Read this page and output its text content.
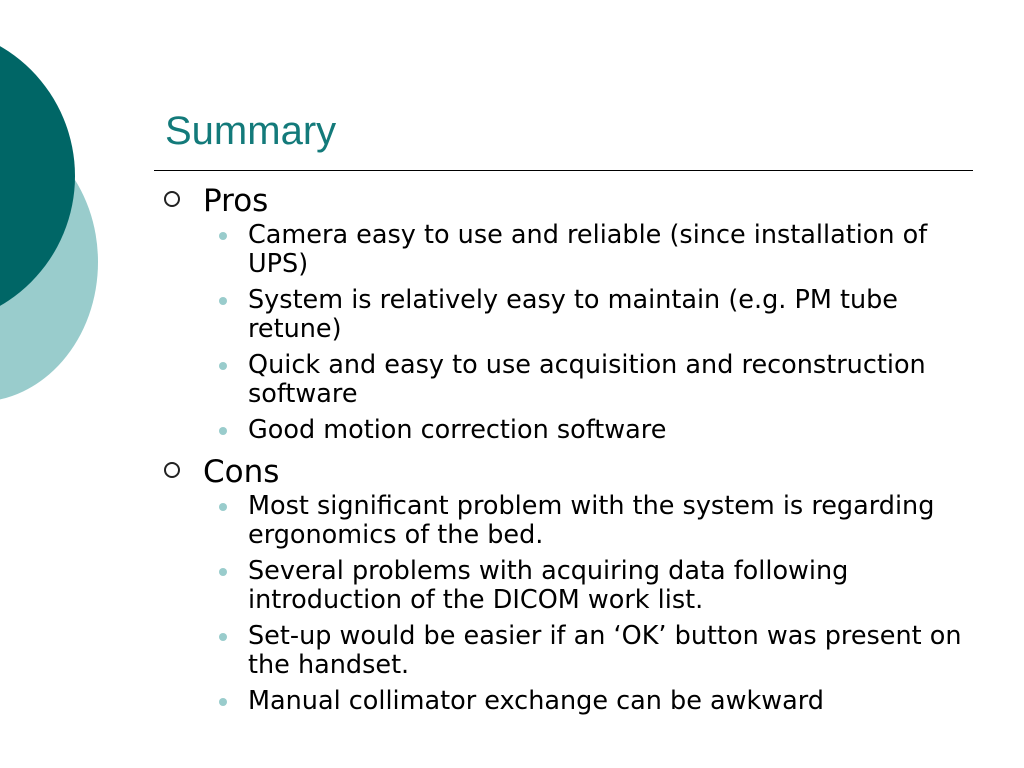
Summary
Pros
Camera easy to use and reliable (since installation of UPS)
System is relatively easy to maintain (e.g. PM tube retune)
Quick and easy to use acquisition and reconstruction software
Good motion correction software
Cons
Most significant problem with the system is regarding ergonomics of the bed.
Several problems with acquiring data following introduction of the DICOM work list.
Set-up would be easier if an ‘OK’ button was present on the handset.
Manual collimator exchange can be awkward
